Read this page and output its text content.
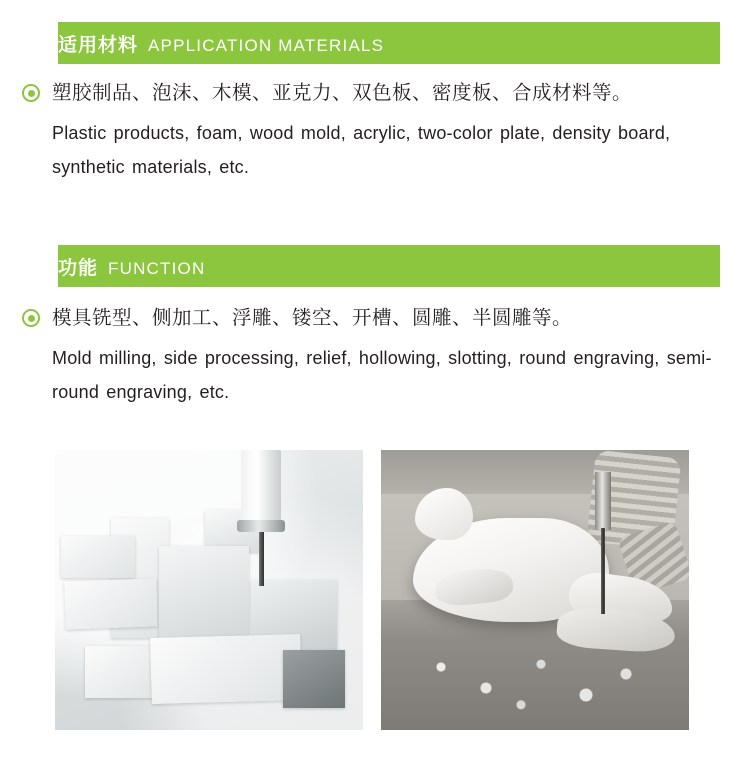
适用材料 APPLICATION MATERIALS
塑胶制品、泡沫、木模、亚克力、双色板、密度板、合成材料等。
Plastic products, foam, wood mold, acrylic, two-color plate, density board, synthetic materials, etc.
功能 FUNCTION
模具铣型、侧加工、浮雕、镂空、开槽、圆雕、半圆雕等。
Mold milling, side processing, relief, hollowing, slotting, round engraving, semi-round engraving, etc.
